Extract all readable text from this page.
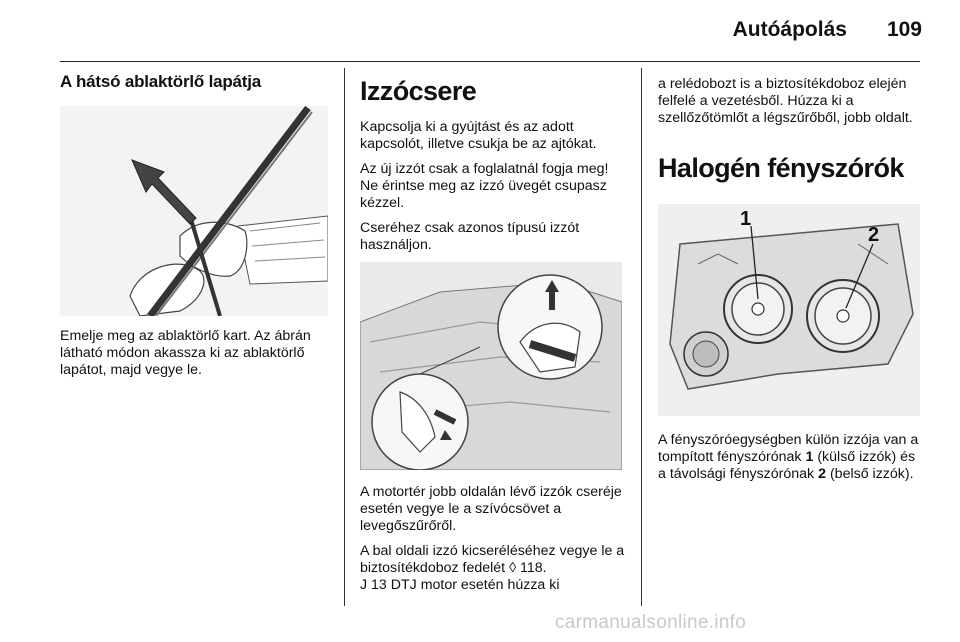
Autóápolás 109
A hátsó ablaktörlő lapátja

Emelje meg az ablaktörlő kart. Az ábrán látható módon akassza ki az ablaktörlő lapátot, majd vegye le.

Izzócsere

Kapcsolja ki a gyújtást és az adott kapcsolót, illetve csukja be az ajtókat.

Az új izzót csak a foglalatnál fogja meg! Ne érintse meg az izzó üvegét csupasz kézzel.

Cseréhez csak azonos típusú izzót használjon.

A motortér jobb oldalán lévő izzók cseréje esetén vegye le a szívócsövet a levegőszűrőről.

A bal oldali izzó kicseréléséhez vegye le a biztosítékdoboz fedelét ◊ 118.
J 13 DTJ motor esetén húzza ki

a relédobozt is a biztosítékdoboz elején felfelé a vezetésből. Húzza ki a szellőzőtömlőt a légszűrőből, jobb oldalt.

Halogén fényszórók
1
2

A fényszóróegységben külön izzója van a tompított fényszórónak 1 (külső izzók) és a távolsági fényszórónak 2 (belső izzók).

carmanualsonline.info
